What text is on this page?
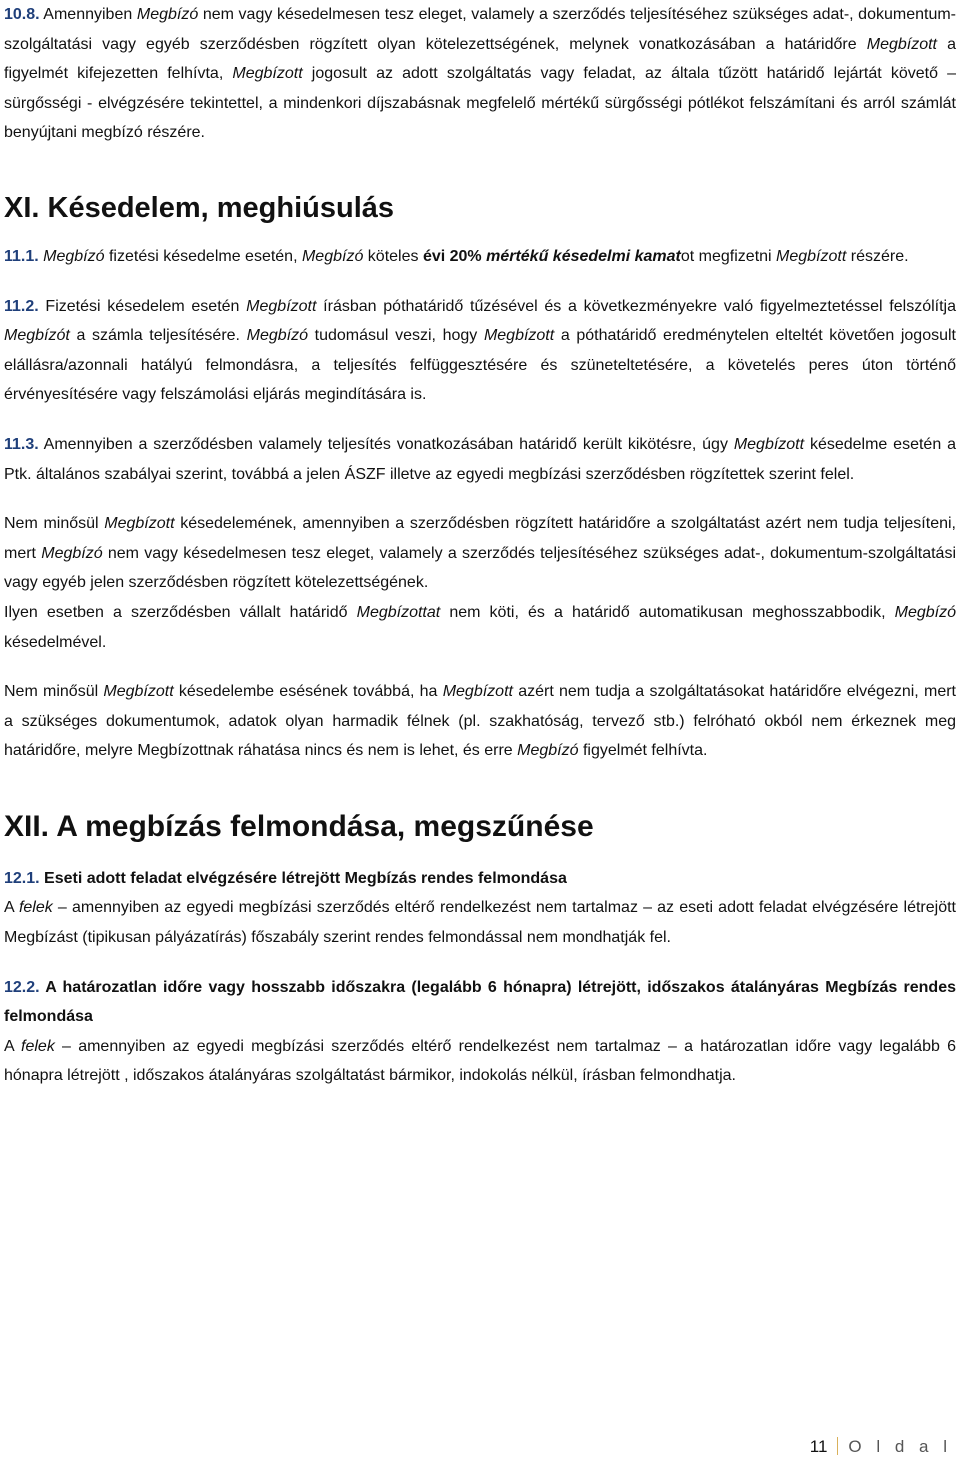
10.8. Amennyiben Megbízó nem vagy késedelmesen tesz eleget, valamely a szerződés teljesítéséhez szükséges adat-, dokumentum-szolgáltatási vagy egyéb szerződésben rögzített olyan kötelezettségének, melynek vonatkozásában a határidőre Megbízott a figyelmét kifejezetten felhívta, Megbízott jogosult az adott szolgáltatás vagy feladat, az általa tűzött határidő lejártát követő – sürgősségi - elvégzésére tekintettel, a mindenkori díjszabásnak megfelelő mértékű sürgősségi pótlékot felszámítani és arról számlát benyújtani megbízó részére.

XI. Késedelem, meghiúsulás

11.1. Megbízó fizetési késedelme esetén, Megbízó köteles évi 20% mértékű késedelmi kamatot megfizetni Megbízott részére.

11.2. Fizetési késedelem esetén Megbízott írásban póthatáridő tűzésével és a következményekre való figyelmeztetéssel felszólítja Megbízót a számla teljesítésére. Megbízó tudomásul veszi, hogy Megbízott a póthatáridő eredménytelen elteltét követően jogosult elállásra/azonnali hatályú felmondásra, a teljesítés felfüggesztésére és szüneteltetésére, a követelés peres úton történő érvényesítésére vagy felszámolási eljárás megindítására is.

11.3. Amennyiben a szerződésben valamely teljesítés vonatkozásában határidő került kikötésre, úgy Megbízott késedelme esetén a Ptk. általános szabályai szerint, továbbá a jelen ÁSZF illetve az egyedi megbízási szerződésben rögzítettek szerint felel.

Nem minősül Megbízott késedelemének, amennyiben a szerződésben rögzített határidőre a szolgáltatást azért nem tudja teljesíteni, mert Megbízó nem vagy késedelmesen tesz eleget, valamely a szerződés teljesítéséhez szükséges adat-, dokumentum-szolgáltatási vagy egyéb jelen szerződésben rögzített kötelezettségének.

Ilyen esetben a szerződésben vállalt határidő Megbízottat nem köti, és a határidő automatikusan meghosszabbodik, Megbízó késedelmével.

Nem minősül Megbízott késedelembe esésének továbbá, ha Megbízott azért nem tudja a szolgáltatásokat határidőre elvégezni, mert a szükséges dokumentumok, adatok olyan harmadik félnek (pl. szakhatóság, tervező stb.) felróható okból nem érkeznek meg határidőre, melyre Megbízottnak ráhatása nincs és nem is lehet, és erre Megbízó figyelmét felhívta.

XII. A megbízás felmondása, megszűnése

12.1. Eseti adott feladat elvégzésére létrejött Megbízás rendes felmondása

A felek – amennyiben az egyedi megbízási szerződés eltérő rendelkezést nem tartalmaz – az eseti adott feladat elvégzésére létrejött Megbízást (tipikusan pályázatírás) főszabály szerint rendes felmondással nem mondhatják fel.

12.2. A határozatlan időre vagy hosszabb időszakra (legalább 6 hónapra) létrejött, időszakos átalányáras Megbízás rendes felmondása

A felek – amennyiben az egyedi megbízási szerződés eltérő rendelkezést nem tartalmaz – a határozatlan időre vagy legalább 6 hónapra létrejött , időszakos átalányáras szolgáltatást bármikor, indokolás nélkül, írásban felmondhatja.

11 O l d a l
